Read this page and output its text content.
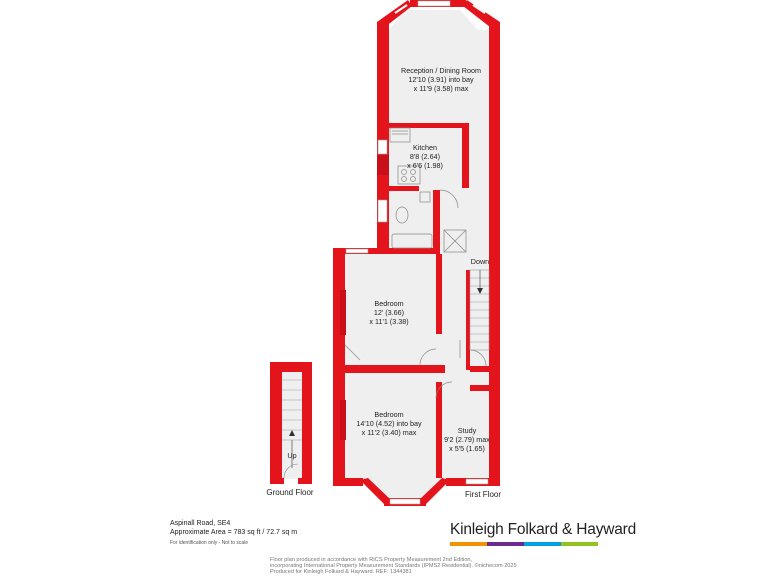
Reception / Dining Room
12'10 (3.91) into bay
x 11'9 (3.58) max
Kitchen
8'8 (2.64)
x 6'6 (1.98)
Bedroom
12' (3.66)
x 11'1 (3.38)
Bedroom
14'10 (4.52) into bay
x 11'2 (3.40) max	Study
9'2 (2.79) max
x 5'5 (1.65)
Down
Up
Ground Floor	First Floor
Aspinall Road, SE4
Approximate Area = 783 sq ft / 72.7 sq m
For identification only - Not to scale
Kinleigh Folkard & Hayward
Floor plan produced in accordance with RICS Property Measurement 2nd Edition,
incorporating International Property Measurement Standards (IPMS2 Residential). ©nichecom 2025
Produced for Kinleigh Folkard & Hayward. REF: 1344381
